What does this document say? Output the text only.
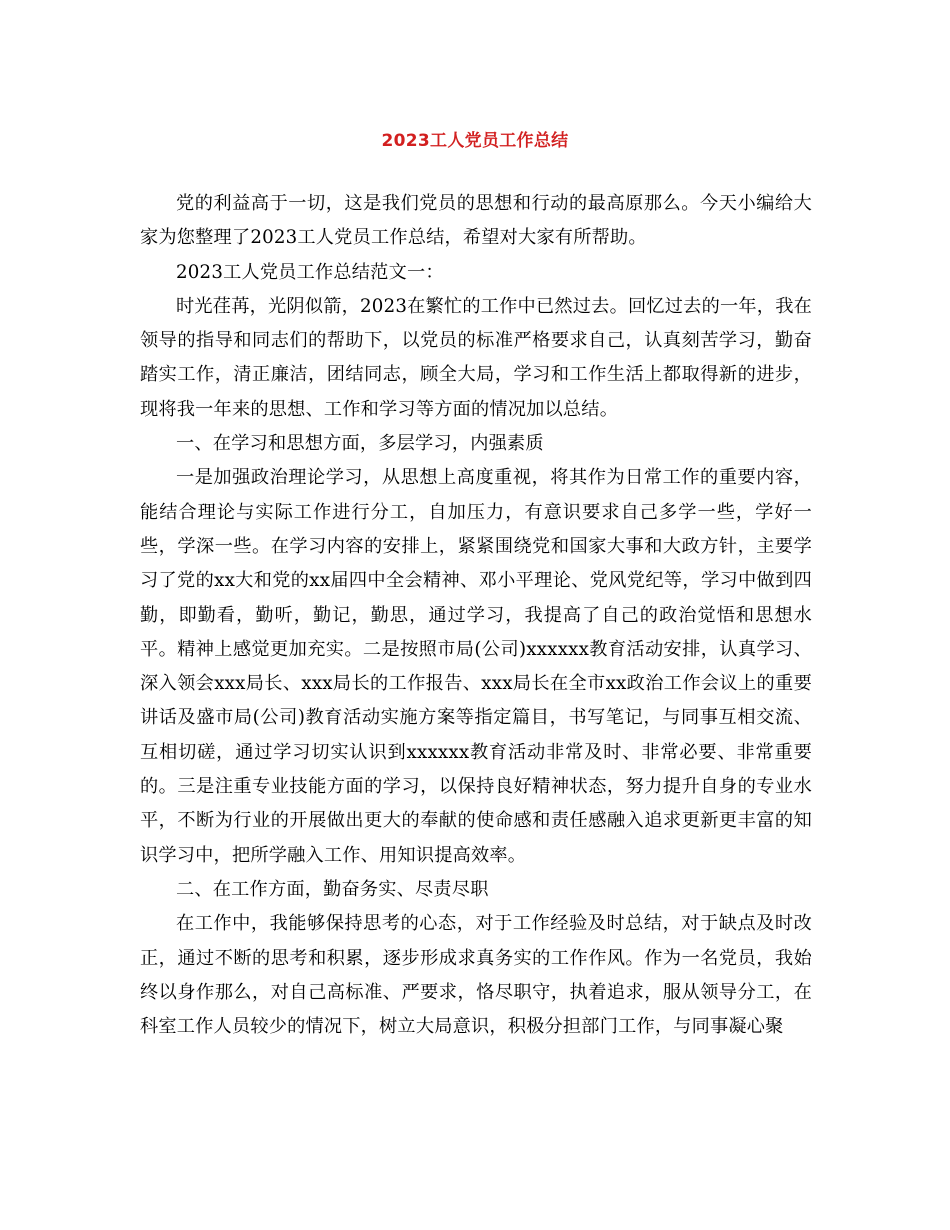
2023工人党员工作总结

党的利益高于一切，这是我们党员的思想和行动的最高原那么。今天小编给大家为您整理了2023工人党员工作总结，希望对大家有所帮助。

2023工人党员工作总结范文一：

时光荏苒，光阴似箭，2023在繁忙的工作中已然过去。回忆过去的一年，我在领导的指导和同志们的帮助下，以党员的标准严格要求自己，认真刻苦学习，勤奋踏实工作，清正廉洁，团结同志，顾全大局，学习和工作生活上都取得新的进步，现将我一年来的思想、工作和学习等方面的情况加以总结。

一、在学习和思想方面，多层学习，内强素质

一是加强政治理论学习，从思想上高度重视，将其作为日常工作的重要内容，能结合理论与实际工作进行分工，自加压力，有意识要求自己多学一些，学好一些，学深一些。在学习内容的安排上，紧紧围绕党和国家大事和大政方针，主要学习了党的xx大和党的xx届四中全会精神、邓小平理论、党风党纪等，学习中做到四勤，即勤看，勤听，勤记，勤思，通过学习，我提高了自己的政治觉悟和思想水平。精神上感觉更加充实。二是按照市局(公司)xxxxxx教育活动安排，认真学习、深入领会xxx局长、xxx局长的工作报告、xxx局长在全市xx政治工作会议上的重要讲话及盛市局(公司)教育活动实施方案等指定篇目，书写笔记，与同事互相交流、互相切磋，通过学习切实认识到xxxxxx教育活动非常及时、非常必要、非常重要的。三是注重专业技能方面的学习，以保持良好精神状态，努力提升自身的专业水平，不断为行业的开展做出更大的奉献的使命感和责任感融入追求更新更丰富的知识学习中，把所学融入工作、用知识提高效率。

二、在工作方面，勤奋务实、尽责尽职

在工作中，我能够保持思考的心态，对于工作经验及时总结，对于缺点及时改正，通过不断的思考和积累，逐步形成求真务实的工作作风。作为一名党员，我始终以身作那么，对自己高标准、严要求，恪尽职守，执着追求，服从领导分工，在科室工作人员较少的情况下，树立大局意识，积极分担部门工作，与同事凝心聚
